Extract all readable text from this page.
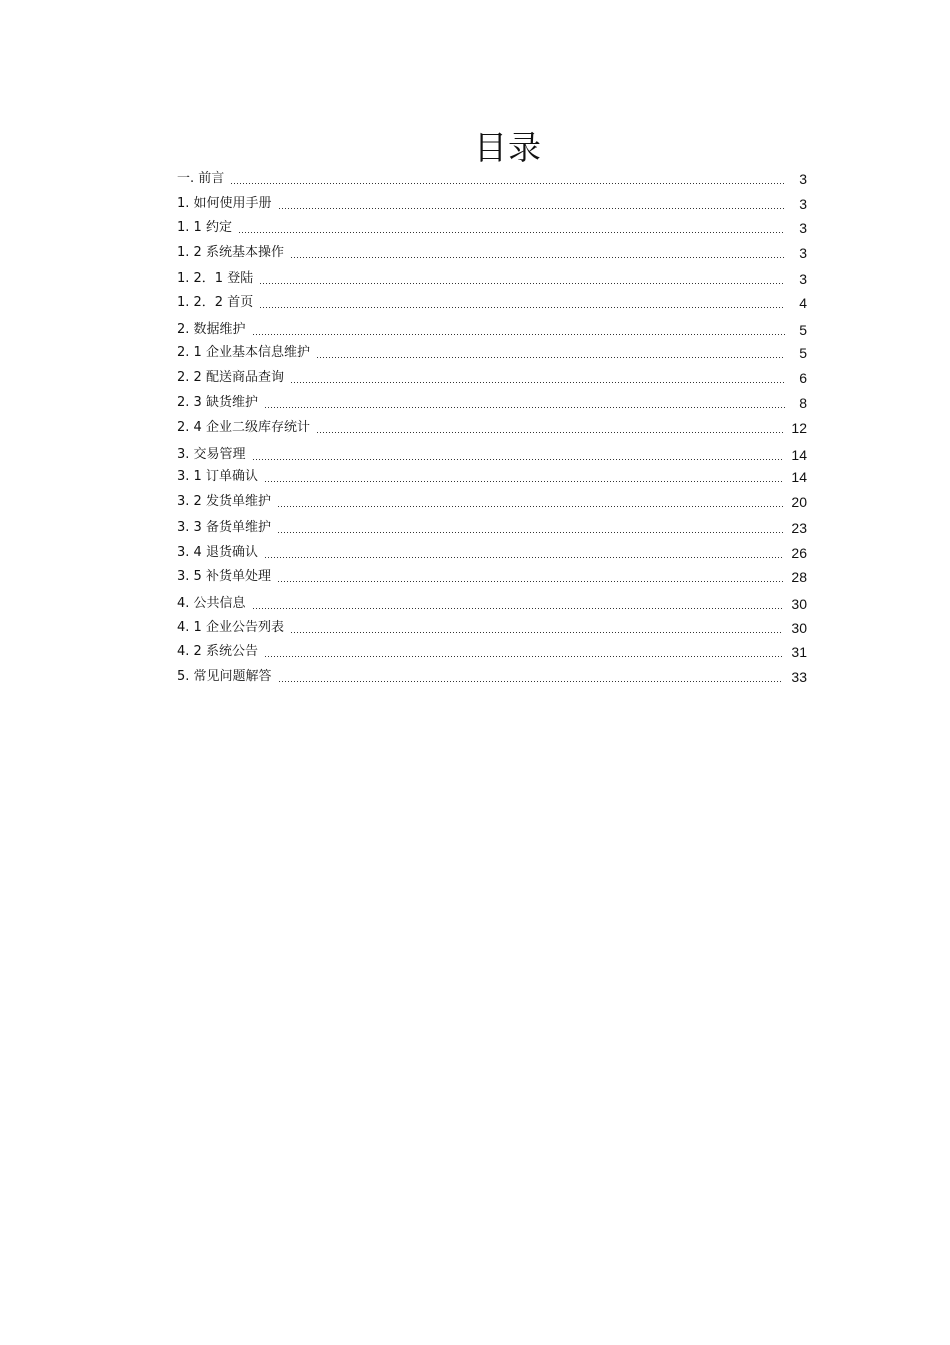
目录
一. 前言	3
1. 如何使用手册	3
1. 1 约定	3
1. 2 系统基本操作	3
1. 2．1 登陆	3
1. 2．2 首页	4
2. 数据维护	5
2. 1 企业基本信息维护	5
2. 2 配送商品查询	6
2. 3 缺货维护	8
2. 4 企业二级库存统计	12
3. 交易管理	14
3. 1 订单确认	14
3. 2 发货单维护	20
3. 3 备货单维护	23
3. 4 退货确认	26
3. 5 补货单处理	28
4. 公共信息	30
4. 1 企业公告列表	30
4. 2 系统公告	31
5. 常见问题解答	33
